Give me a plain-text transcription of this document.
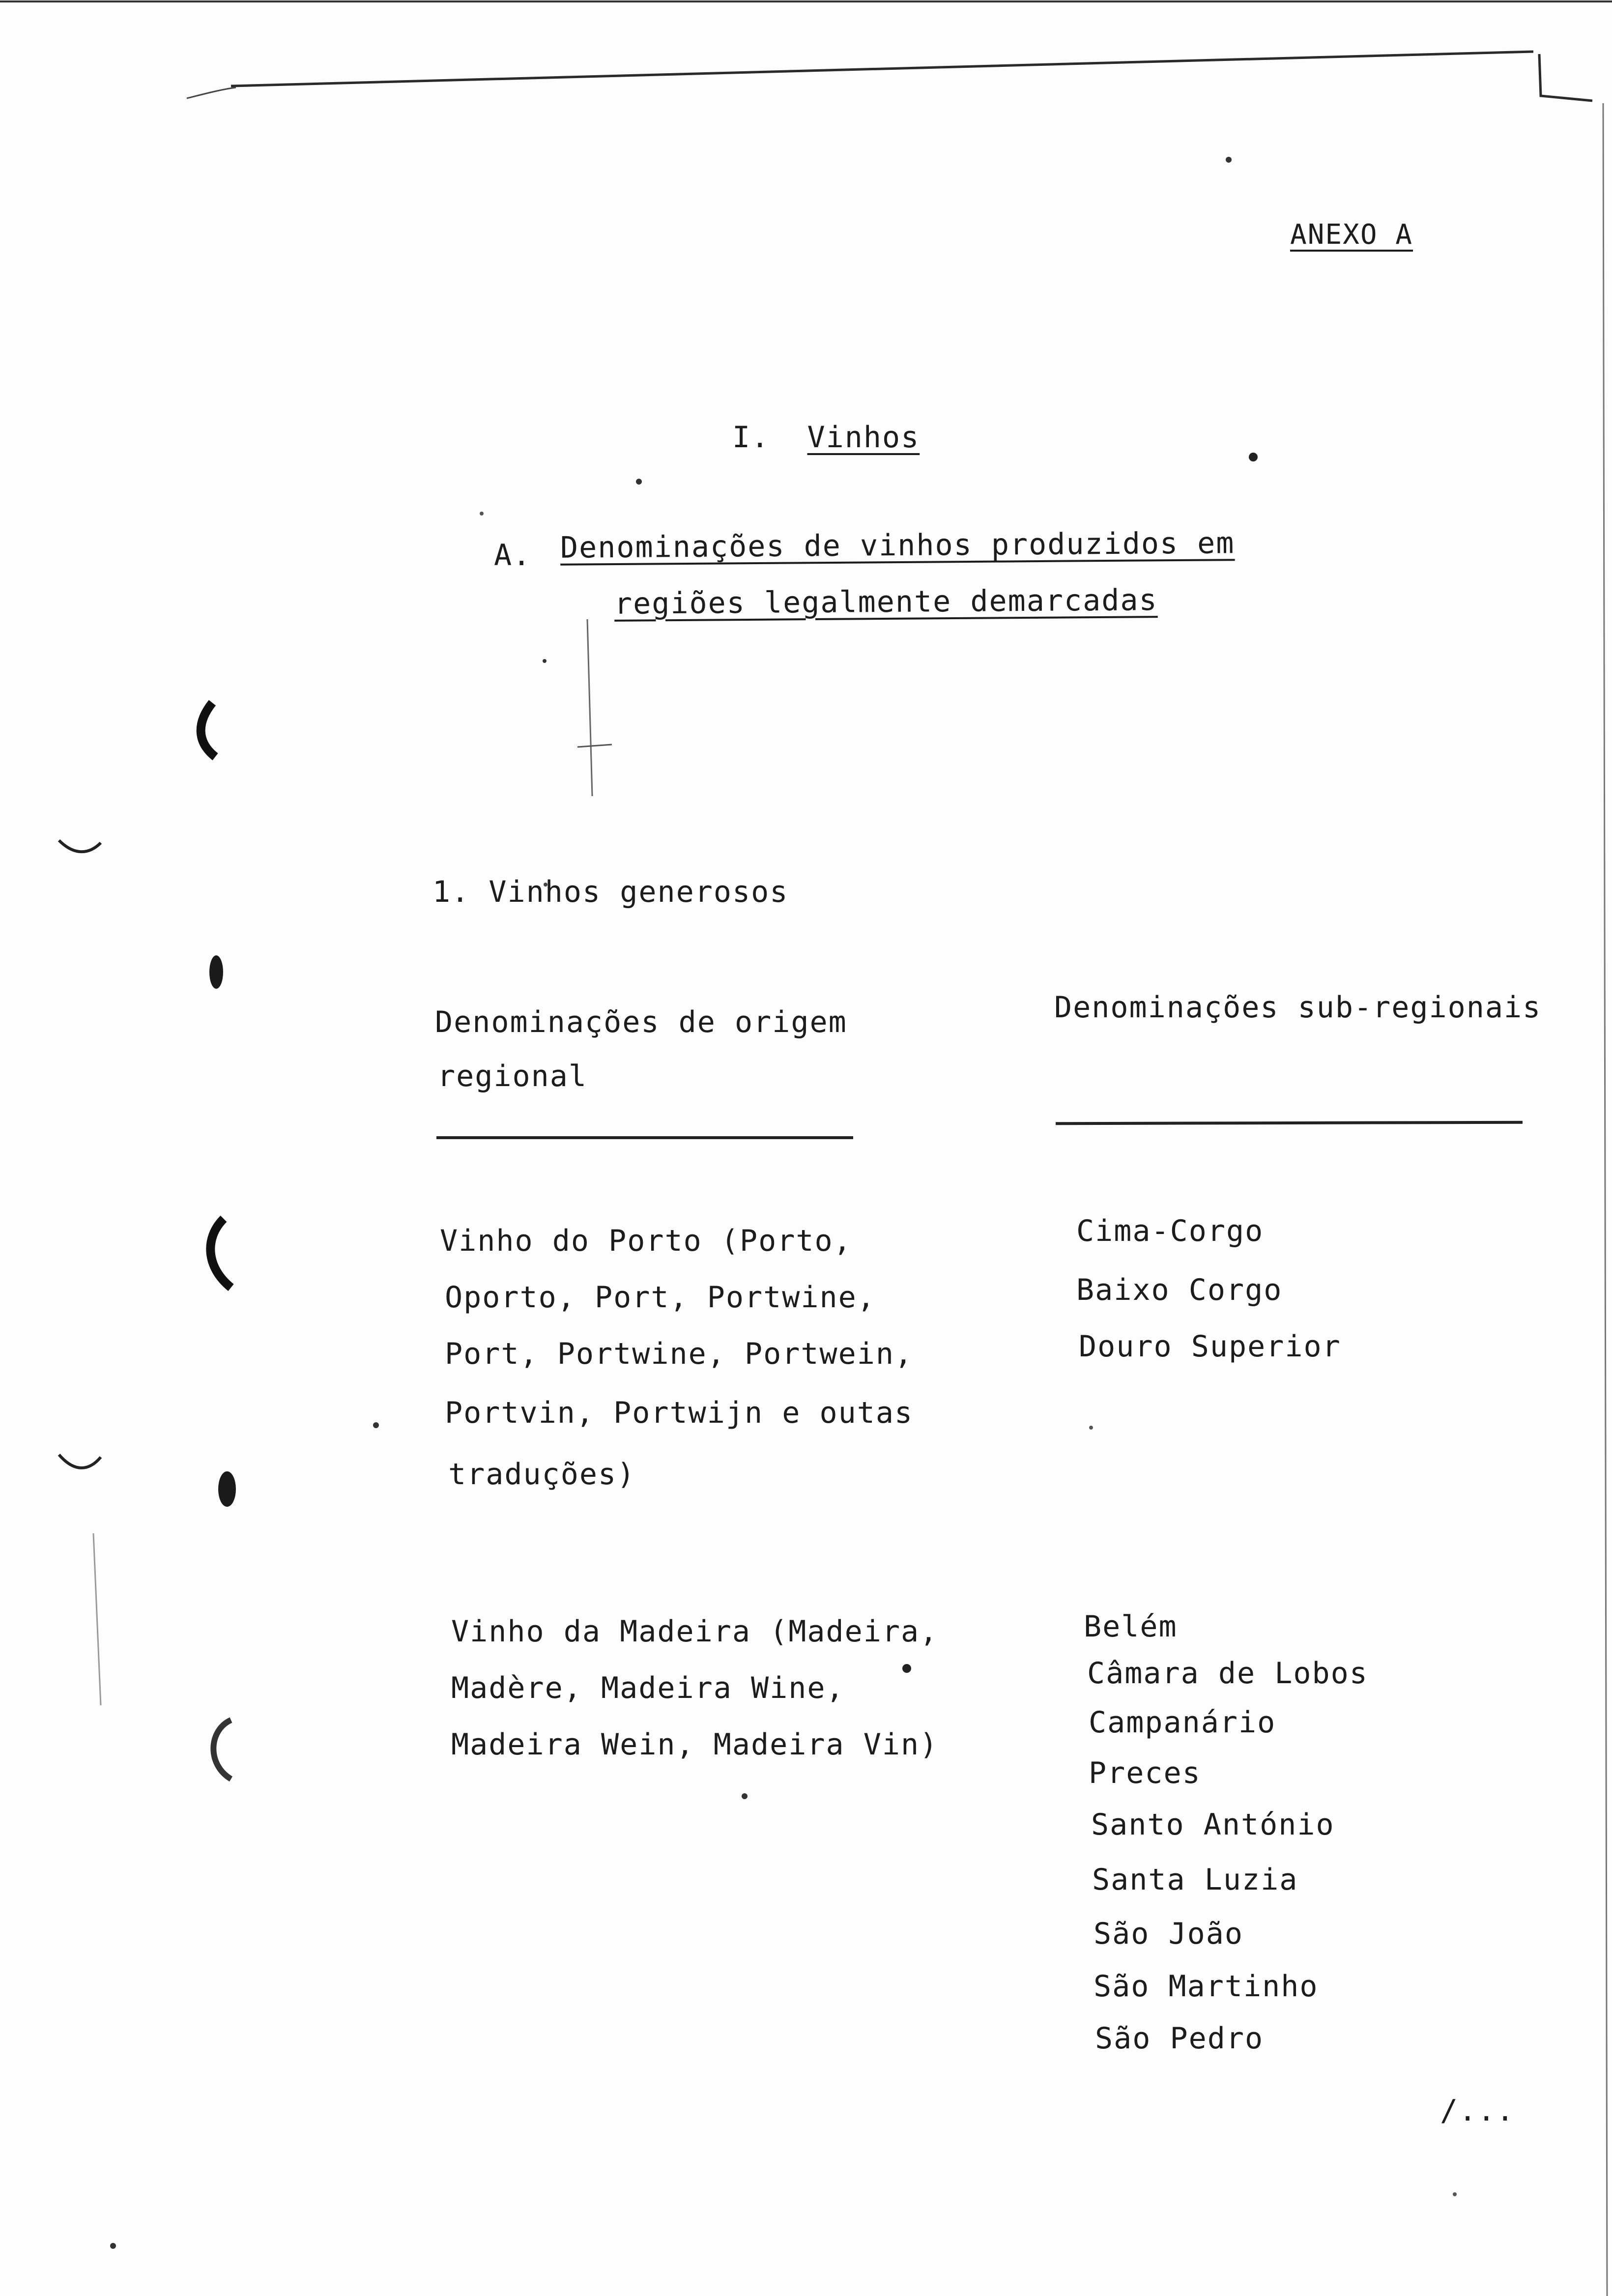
ANEXO A
I. Vinhos
A. Denominações de vinhos produzidos em
regiões legalmente demarcadas
1. Vinhos generosos
Denominações de origem
regional
Denominações sub-regionais
Vinho do Porto (Porto,
Oporto, Port, Portwine,
Port, Portwine, Portwein,
Portvin, Portwijn e outas
traduções)
Cima-Corgo
Baixo Corgo
Douro Superior
Vinho da Madeira (Madeira,
Madère, Madeira Wine,
Madeira Wein, Madeira Vin)
Belém
Câmara de Lobos
Campanário
Preces
Santo António
Santa Luzia
São João
São Martinho
São Pedro
/...
